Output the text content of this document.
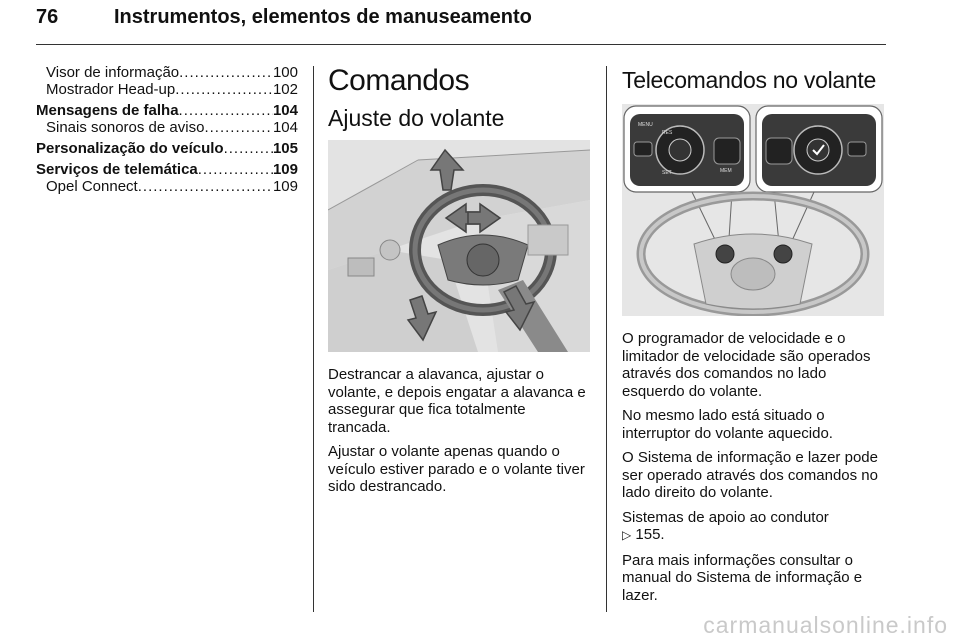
76	Instrumentos, elementos de manuseamento
Visor de informação .....	100
Mostrador Head-up .....	102
Mensagens de falha .....	104
Sinais sonoros de aviso .....	104
Personalização do veículo .....	105
Serviços de telemática .....	109
Opel Connect .....	109
Comandos
Ajuste do volante

Destrancar a alavanca, ajustar o volante, e depois engatar a alavanca e assegurar que fica totalmente trancada.

Ajustar o volante apenas quando o veículo estiver parado e o volante tiver sido destrancado.

Telecomandos no volante
MENU
MEM
RES
SET

O programador de velocidade e o limitador de velocidade são operados através dos comandos no lado esquerdo do volante.

No mesmo lado está situado o interruptor do volante aquecido.

O Sistema de informação e lazer pode ser operado através dos comandos no lado direito do volante.

Sistemas de apoio ao condutor
▷ 155.

Para mais informações consultar o manual do Sistema de informação e lazer.

carmanualsonline.info
